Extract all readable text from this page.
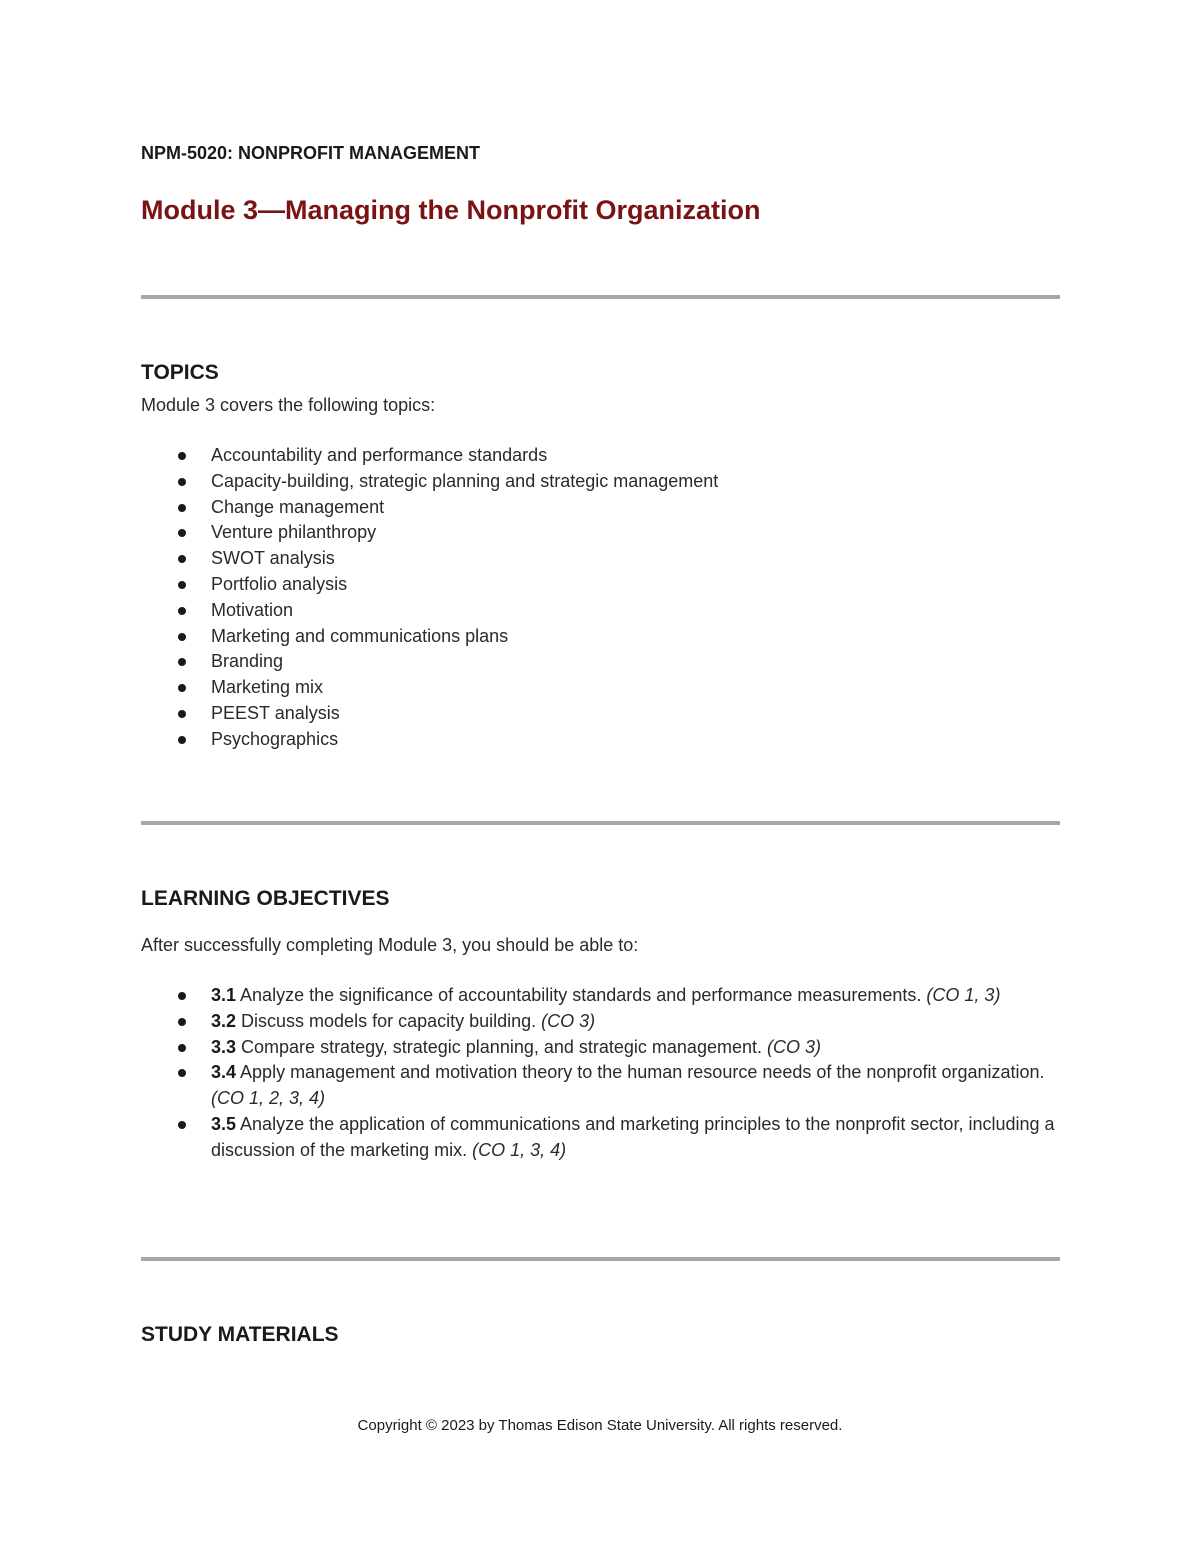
NPM-5020: NONPROFIT MANAGEMENT

Module 3—Managing the Nonprofit Organization
TOPICS

Module 3 covers the following topics:

Accountability and performance standards
Capacity-building, strategic planning and strategic management
Change management
Venture philanthropy
SWOT analysis
Portfolio analysis
Motivation
Marketing and communications plans
Branding
Marketing mix
PEEST analysis
Psychographics
LEARNING OBJECTIVES

After successfully completing Module 3, you should be able to:

3.1 Analyze the significance of accountability standards and performance measurements. (CO 1, 3)
3.2 Discuss models for capacity building. (CO 3)
3.3 Compare strategy, strategic planning, and strategic management. (CO 3)
3.4 Apply management and motivation theory to the human resource needs of the nonprofit organization. (CO 1, 2, 3, 4)
3.5 Analyze the application of communications and marketing principles to the nonprofit sector, including a discussion of the marketing mix. (CO 1, 3, 4)
STUDY MATERIALS

Copyright © 2023 by Thomas Edison State University. All rights reserved.
